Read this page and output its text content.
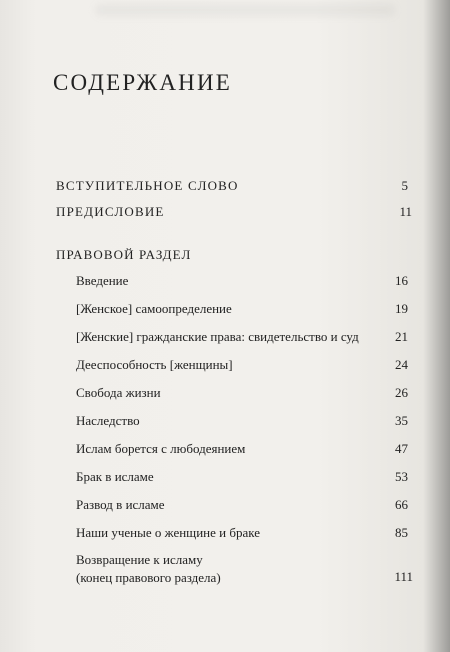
СОДЕРЖАНИЕ
ВСТУПИТЕЛЬНОЕ СЛОВО	5
ПРЕДИСЛОВИЕ	11
ПРАВОВОЙ РАЗДЕЛ
Введение	16
[Женское] самоопределение	19
[Женские] гражданские права: свидетельство и суд	21
Дееспособность [женщины]	24
Свобода жизни	26
Наследство	35
Ислам борется с любодеянием	47
Брак в исламе	53
Развод в исламе	66
Наши ученые о женщине и браке	85
Возвращение к исламу
(конец правового раздела)	111
